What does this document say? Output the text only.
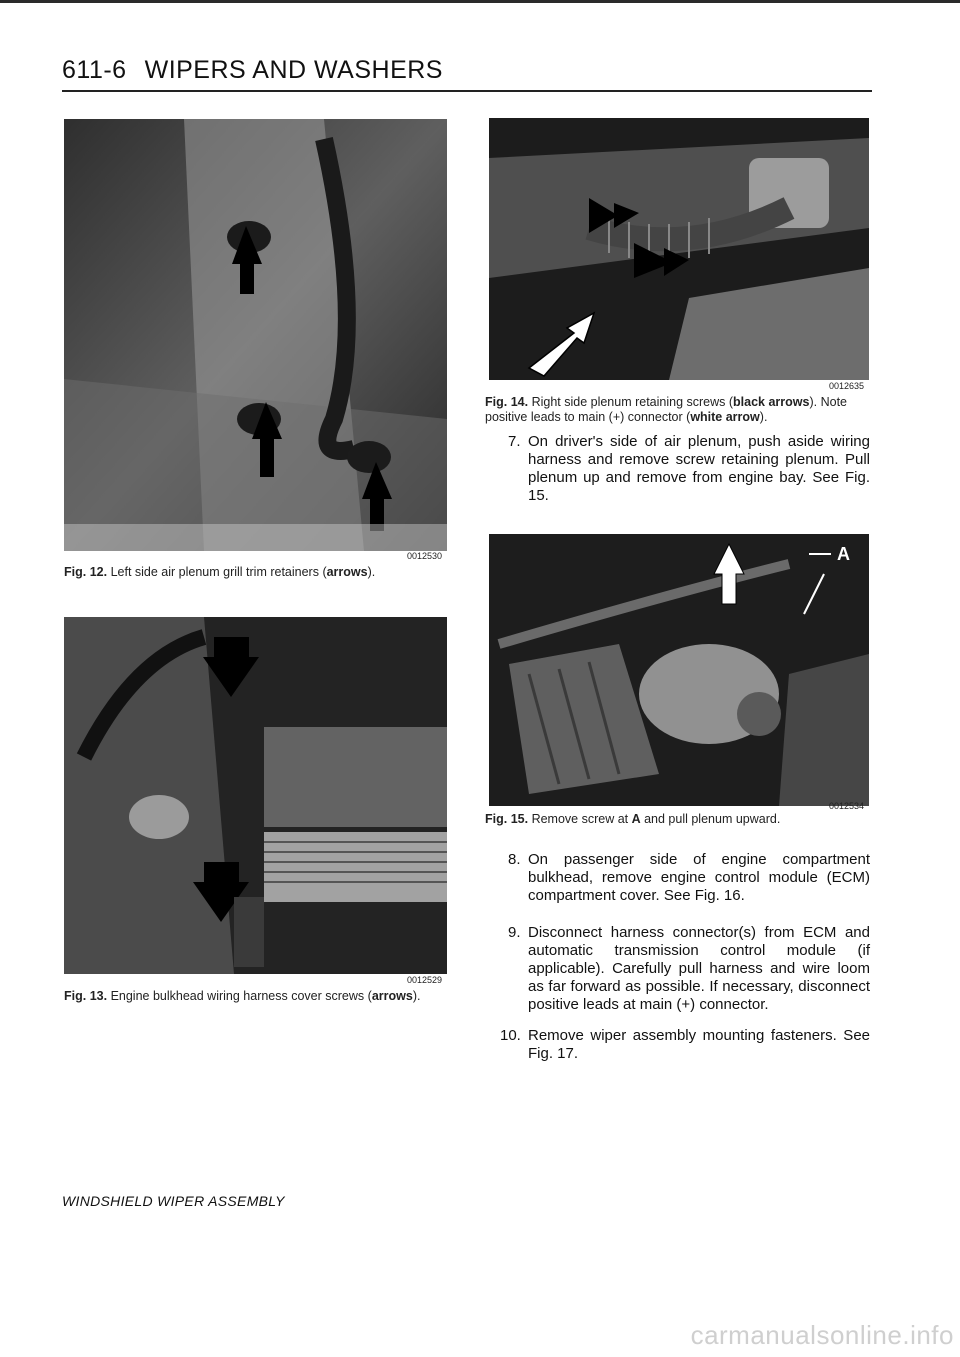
611-6 WIPERS AND WASHERS
0012530
Fig. 12. Left side air plenum grill trim retainers (arrows).
0012529
Fig. 13. Engine bulkhead wiring harness cover screws (arrows).
0012635
Fig. 14. Right side plenum retaining screws (black arrows). Note positive leads to main (+) connector (white arrow).
7. On driver's side of air plenum, push aside wiring harness and remove screw retaining plenum. Pull plenum up and remove from engine bay. See Fig. 15.
A
0012534
Fig. 15. Remove screw at A and pull plenum upward.
8. On passenger side of engine compartment bulkhead, remove engine control module (ECM) compartment cover. See Fig. 16.
9. Disconnect harness connector(s) from ECM and automatic transmission control module (if applicable). Carefully pull harness and wire loom as far forward as possible. If necessary, disconnect positive leads at main (+) connector.
10. Remove wiper assembly mounting fasteners. See Fig. 17.
WINDSHIELD WIPER ASSEMBLY
carmanualsonline.info
